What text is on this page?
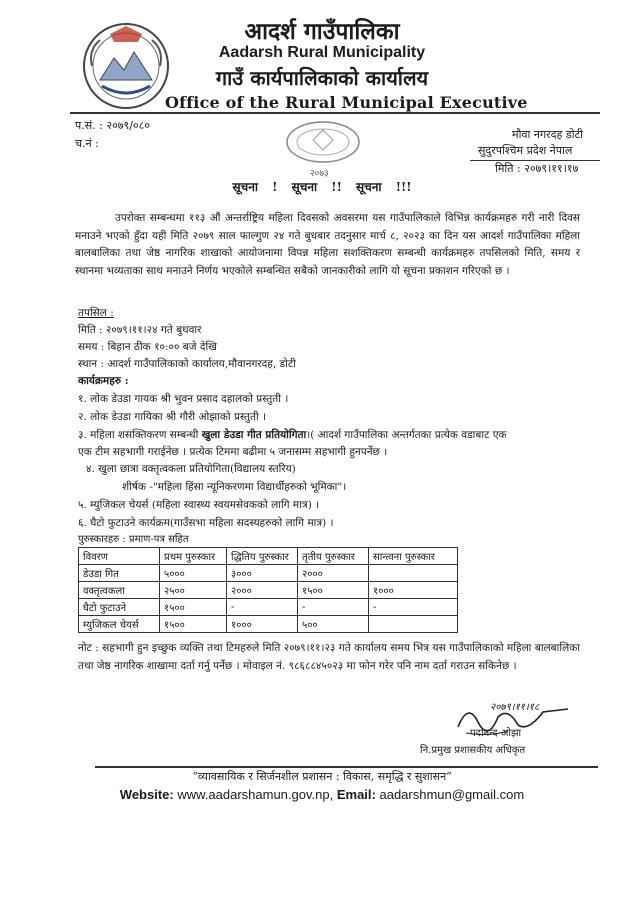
आदर्श गाउँपालिका
Aadarsh Rural Municipality
गाउँ कार्यपालिकाको कार्यालय
Office of the Rural Municipal Executive
प.सं. : २०७९/०८०
च.नं :
२०७३
मौवा नगरदह डोटी
सुदुरपश्चिम प्रदेश नेपाल
मिति : २०७९।११।१७
सूचना ! सूचना !! सूचना !!!
उपरोक्त सम्बन्धमा ११३ औं अन्तर्राष्ट्रिय महिला दिवसको अवसरमा यस गाउँपालिकाले विभिन्न कार्यक्रमहरु गरी नारी दिवस मनाउने भएको हुँदा यही मिति २०७९ साल फाल्गुण २४ गते बुधबार तदनुसार मार्च ८, २०२३ का दिन यस आदर्श गाउँपालिका महिला बालबालिका तथा जेष्ठ नागरिक शाखाको आयोजनामा विपन्न महिला सशक्तिकरण सम्बन्धी कार्यक्रमहरु तपसिलको मिति, समय र स्थानमा भव्यताका साथ मनाउने निर्णय भएकोले सम्बन्धित सबैको जानकारीको लागि यो सूचना प्रकाशन गरिएको छ ।
तपसिल :
मिति : २०७९।११।२४ गते बुधवार
समय : बिहान ठीक १०:०० बजे देखि
स्थान : आदर्श गाउँपालिकाको कार्यालय,मौवानगरदह, डोटी
कार्यक्रमहरु :
१. लोक डेउडा गायक श्री भुवन प्रसाद दहालको प्रस्तुती ।
२. लोक डेउडा गायिका श्री गौरी ओझाको प्रस्तुती ।
३. महिला शसक्तिकरण सम्बन्धी खुला डेउडा गीत प्रतियोगिता।( आदर्श गाउँपालिका अन्तर्गतका प्रत्येक वडाबाट एक
एक टीम सहभागी गराईनेछ । प्रत्येक टिममा बढीमा ५ जनासम्म सहभागी हुनपर्नेछ ।
४. खुला छात्रा वक्तृत्वकला प्रतियोगिता(विद्यालय स्तरिय)
शीर्षक -"महिला हिंसा न्यूनिकरणमा विद्यार्थीहरुको भूमिका"।
५. म्युजिकल चेयर्स (महिला स्वास्थ्य स्वयमसेवकको लागि मात्र) ।
६. घैटो फुटाउने कार्यक्रम(गाउँसभा महिला सदस्यहरुको लागि मात्र) ।
पुरुस्कारहरु : प्रमाण-पत्र सहित
विवरण	प्रथम पुरुस्कार	द्धितिय पुरुस्कार	तृतीय पुरुस्कार	सान्त्वना पुरुस्कार
डेउडा गित	५०००	३०००	२०००	
वक्तृत्वकला	२५००	२०००	१५००	१०००
घैटो फुटाउने	१५००	-	-	-
म्युजिकल चेयर्स	१५००	१०००	५००	
नोट : सहभागी हुन इच्छुक व्यक्ति तथा टिमहरुले मिति २०७९।११।२३ गते कार्यालय समय भित्र यस गाउँपालिकाको महिला बालबालिका तथा जेष्ठ नागरिक शाखामा दर्ता गर्नु पर्नेछ । मोवाइल नं. ९८६८८४५०२३ मा फोन गरेर पनि नाम दर्ता गराउन सकिनेछ ।
२०७९।११।१८
पदानन्द ओझा
नि.प्रमुख प्रशासकीय अधिकृत
“व्यावसायिक र सिर्जनशील प्रशासन : विकास, समृद्धि र सुशासन”
Website: www.aadarshamun.gov.np, Email: aadarshmun@gmail.com
